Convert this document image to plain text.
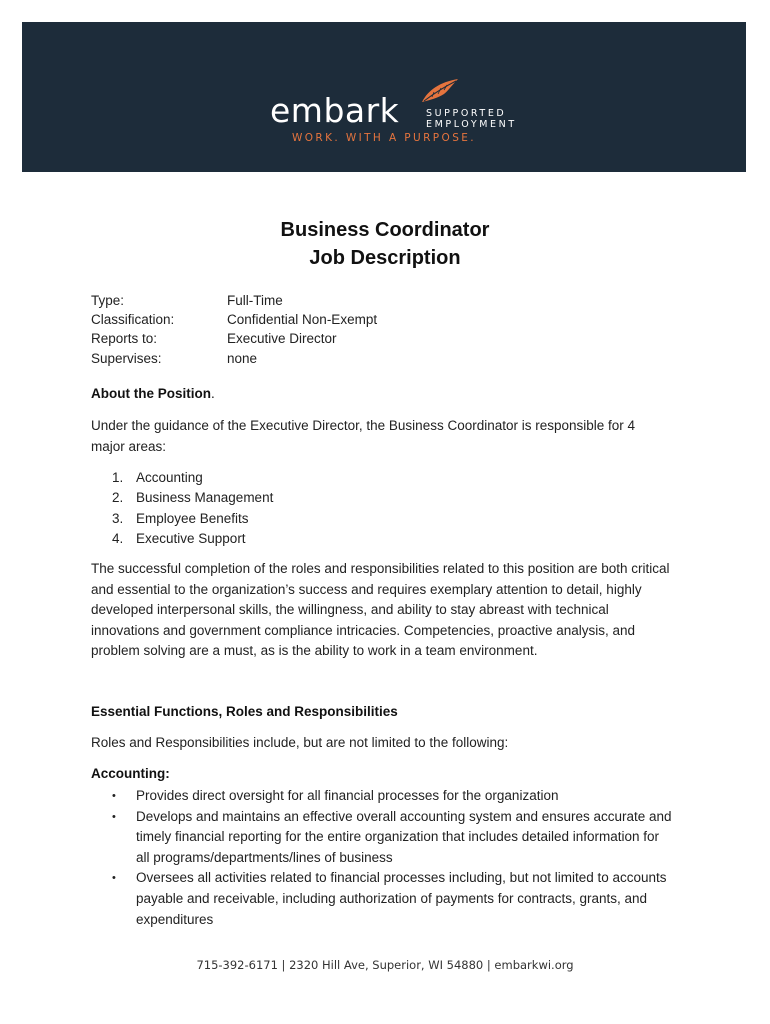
embark	SUPPORTED
EMPLOYMENT
WORK. WITH A PURPOSE.
Business Coordinator
Job Description
Type:	Full-Time
Classification:	Confidential Non-Exempt
Reports to:	Executive Director
Supervises:	none
About the Position.
Under the guidance of the Executive Director, the Business Coordinator is responsible for 4 major areas:
1. Accounting
2. Business Management
3. Employee Benefits
4. Executive Support
The successful completion of the roles and responsibilities related to this position are both critical and essential to the organization’s success and requires exemplary attention to detail, highly developed interpersonal skills, the willingness, and ability to stay abreast with technical innovations and government compliance intricacies. Competencies, proactive analysis, and problem solving are a must, as is the ability to work in a team environment.
Essential Functions, Roles and Responsibilities
Roles and Responsibilities include, but are not limited to the following:
Accounting:
•	Provides direct oversight for all financial processes for the organization
•	Develops and maintains an effective overall accounting system and ensures accurate and timely financial reporting for the entire organization that includes detailed information for all programs/departments/lines of business
•	Oversees all activities related to financial processes including, but not limited to accounts payable and receivable, including authorization of payments for contracts, grants, and expenditures
715-392-6171 | 2320 Hill Ave, Superior, WI 54880 | embarkwi.org
